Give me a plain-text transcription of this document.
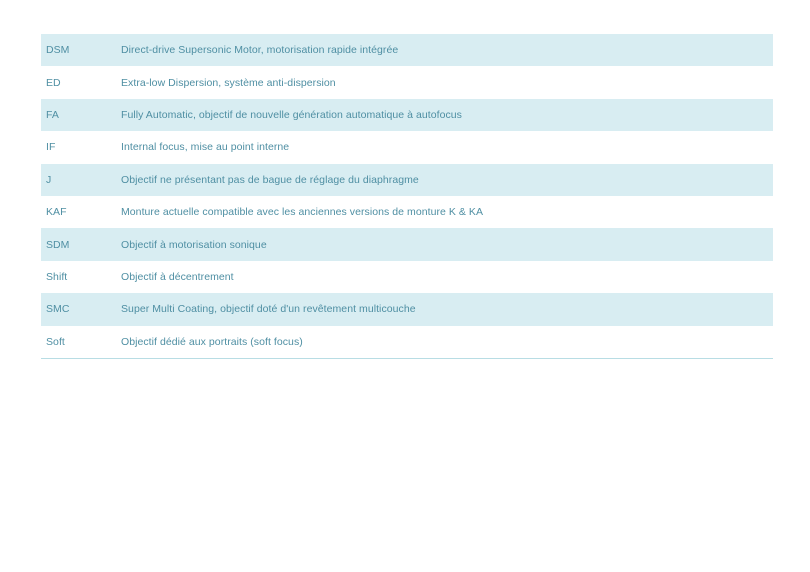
DSM	Direct-drive Supersonic Motor, motorisation rapide intégrée
ED	Extra-low Dispersion, système anti-dispersion
FA	Fully Automatic, objectif de nouvelle génération automatique à autofocus
IF	Internal focus, mise au point interne
J	Objectif ne présentant pas de bague de réglage du diaphragme
KAF	Monture actuelle compatible avec les anciennes versions de monture K & KA
SDM	Objectif à motorisation sonique
Shift	Objectif à décentrement
SMC	Super Multi Coating, objectif doté d'un revêtement multicouche
Soft	Objectif dédié aux portraits (soft focus)
